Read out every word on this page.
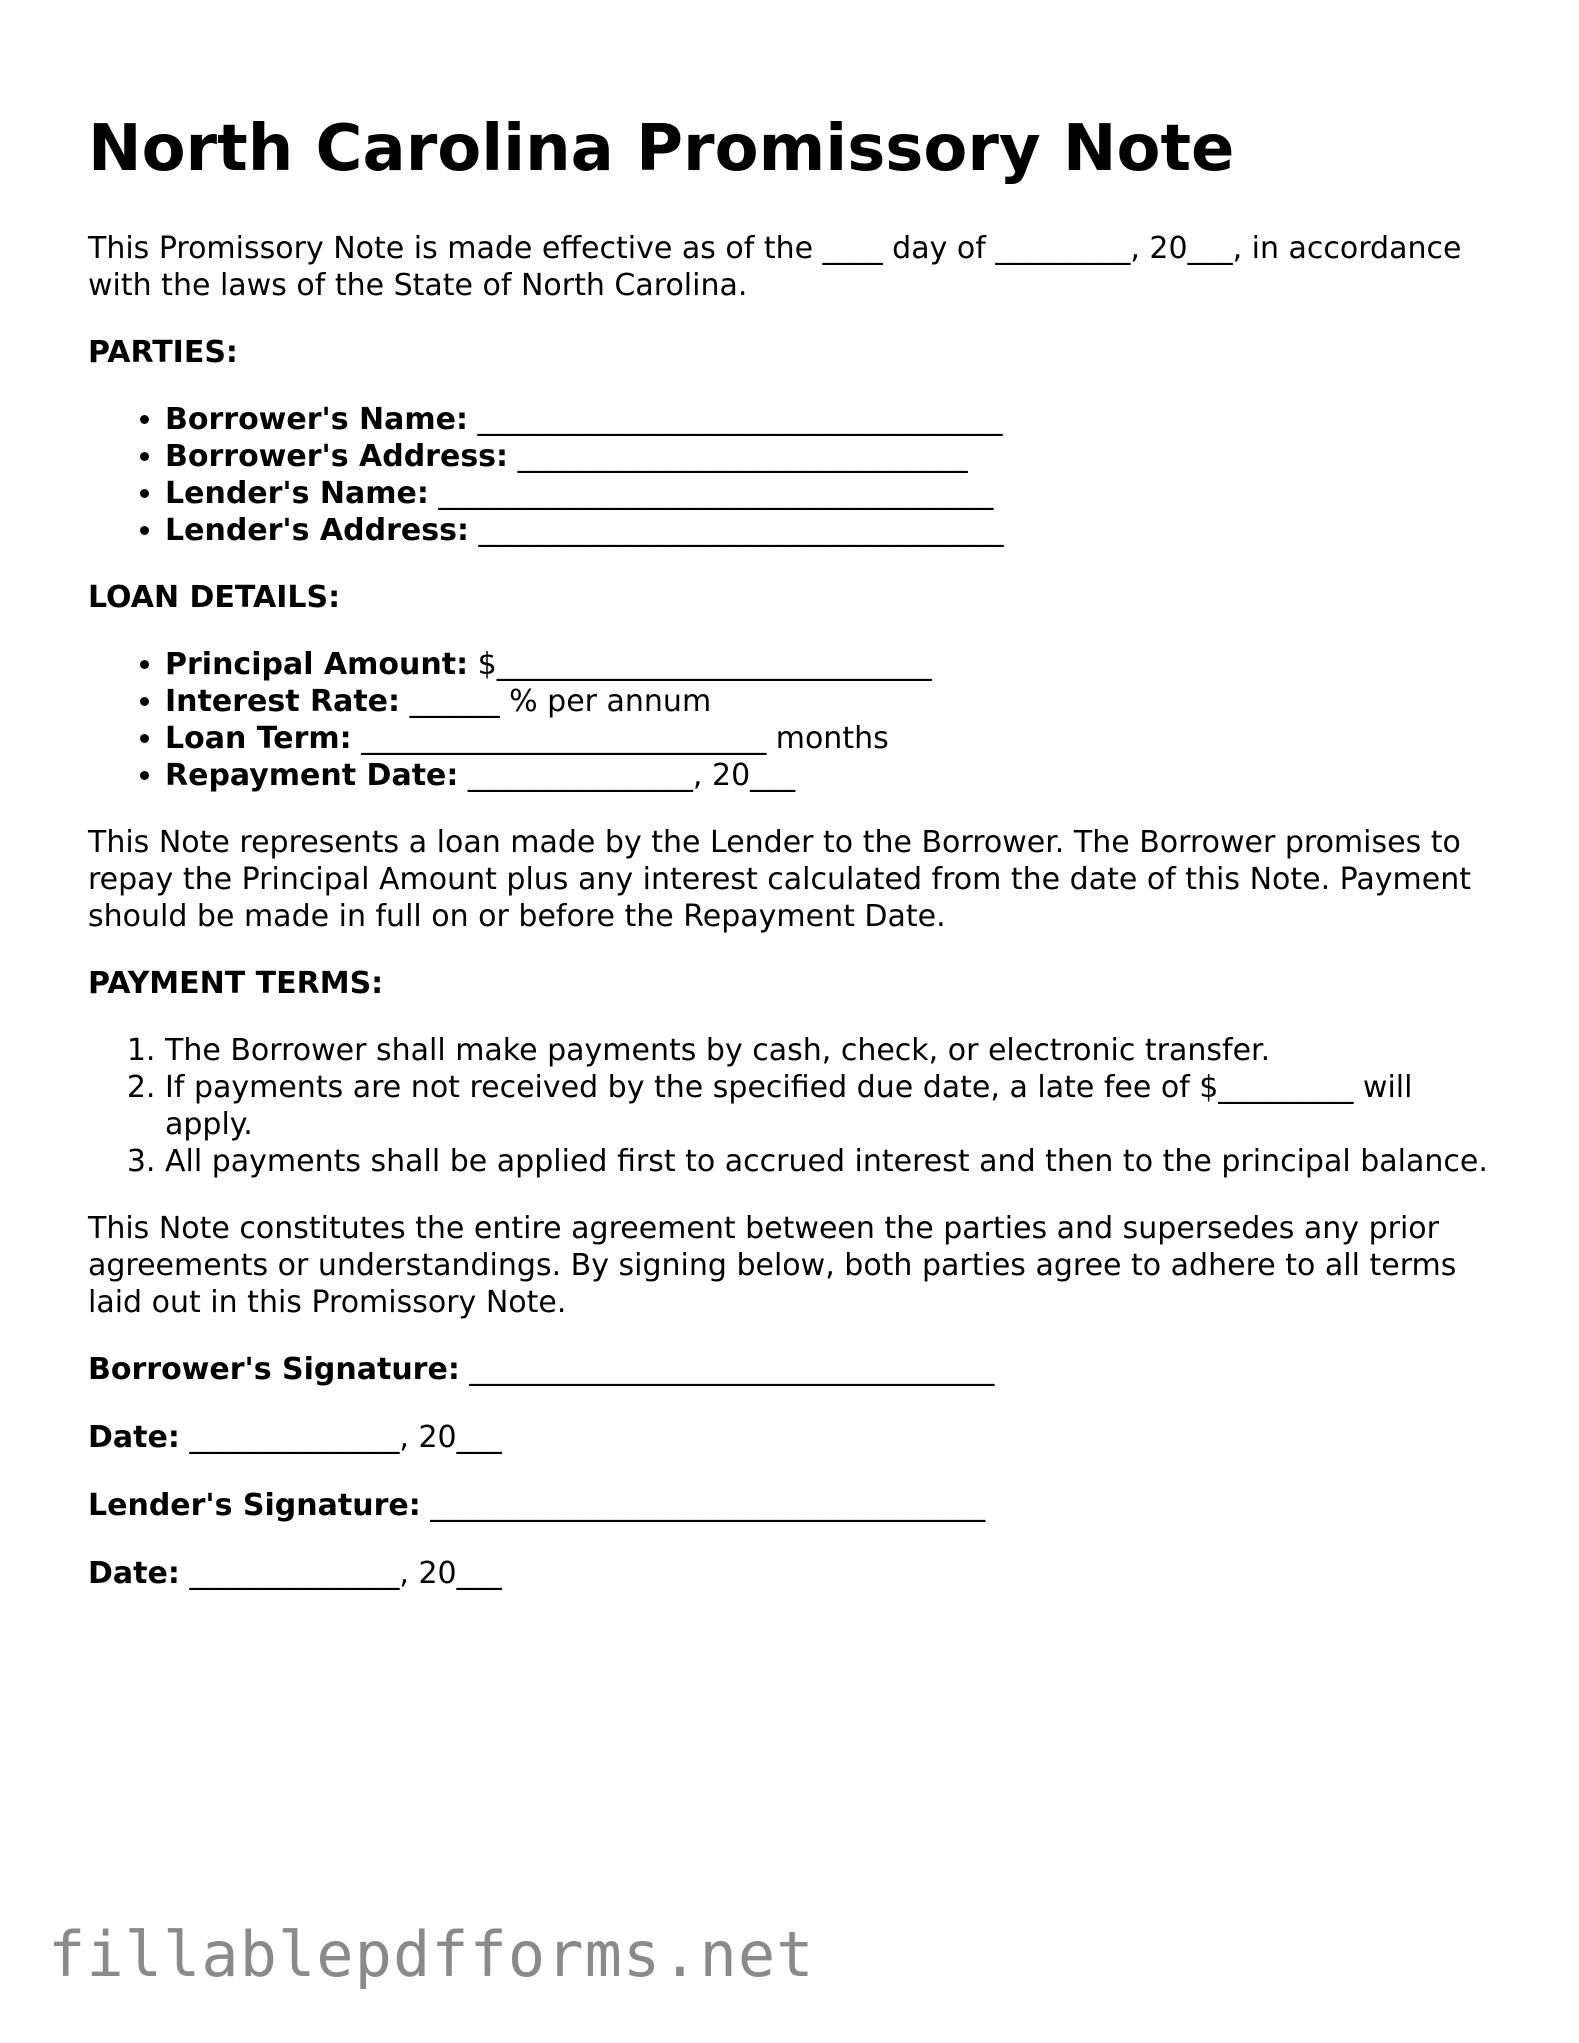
North Carolina Promissory Note

This Promissory Note is made effective as of the ____ day of _________, 20___, in accordance with the laws of the State of North Carolina.

PARTIES:

• Borrower's Name: ___________________________________
• Borrower's Address: ______________________________
• Lender's Name: _____________________________________
• Lender's Address: ___________________________________

LOAN DETAILS:

• Principal Amount: $_____________________________
• Interest Rate: ______ % per annum
• Loan Term: ___________________________ months
• Repayment Date: _______________, 20___

This Note represents a loan made by the Lender to the Borrower. The Borrower promises to repay the Principal Amount plus any interest calculated from the date of this Note. Payment should be made in full on or before the Repayment Date.

PAYMENT TERMS:

1. The Borrower shall make payments by cash, check, or electronic transfer.
2. If payments are not received by the specified due date, a late fee of $_________ will apply.
3. All payments shall be applied first to accrued interest and then to the principal balance.

This Note constitutes the entire agreement between the parties and supersedes any prior agreements or understandings. By signing below, both parties agree to adhere to all terms laid out in this Promissory Note.

Borrower's Signature: ___________________________________

Date: ______________, 20___

Lender's Signature: _____________________________________

Date: ______________, 20___

fillablepdfforms.net
